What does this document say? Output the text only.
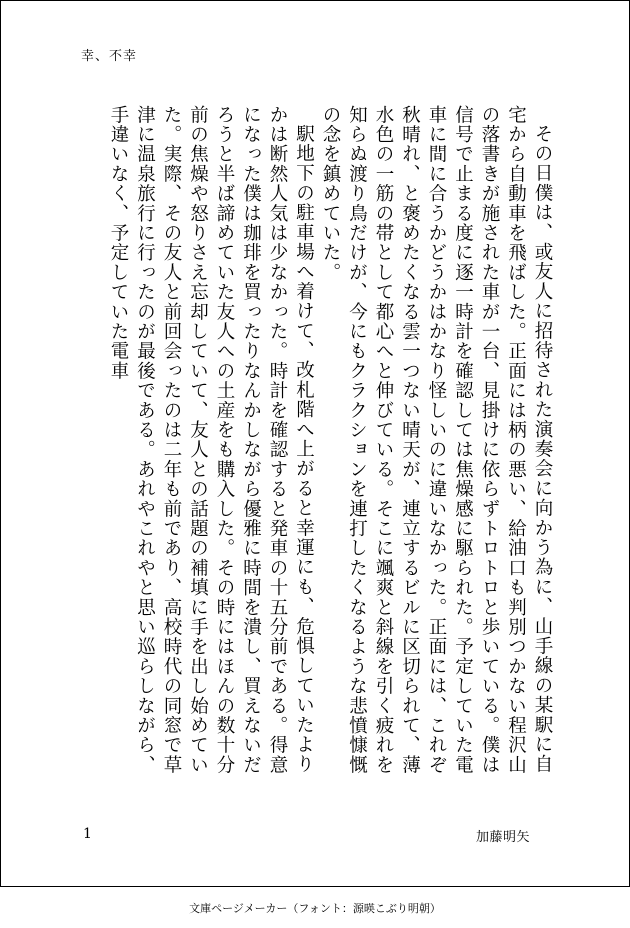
幸、不幸

その日僕は、或友人に招待された演奏会に向かう為に、山手線の某駅に自宅から自動車を飛ばした。正面には柄の悪い、給油口も判別つかない程沢山の落書きが施された車が一台、見掛けに依らずトロトロと歩いている。僕は信号で止まる度に逐一時計を確認しては焦燥感に駆られた。予定していた電車に間に合うかどうかはかなり怪しいのに違いなかった。正面には、これぞ秋晴れ、と褒めたくなる雲一つない晴天が、連立するビルに区切られて、薄水色の一筋の帯として都心へと伸びている。そこに颯爽と斜線を引く疲れを知らぬ渡り鳥だけが、今にもクラクションを連打したくなるような悲憤慷慨の念を鎮めていた。

駅地下の駐車場へ着けて、改札階へ上がると幸運にも、危惧していたよりかは断然人気は少なかった。時計を確認すると発車の十五分前である。得意になった僕は珈琲を買ったりなんかしながら優雅に時間を潰し、買えないだろうと半ば諦めていた友人への土産をも購入した。その時にはほんの数十分前の焦燥や怒りさえ忘却していて、友人との話題の補填に手を出し始めていた。実際、その友人と前回会ったのは二年も前であり、高校時代の同窓で草津に温泉旅行に行ったのが最後である。あれやこれやと思い巡らしながら、手違いなく、予定していた電車

1	加藤明矢
文庫ページメーカー（フォント：源暎こぶり明朝）
